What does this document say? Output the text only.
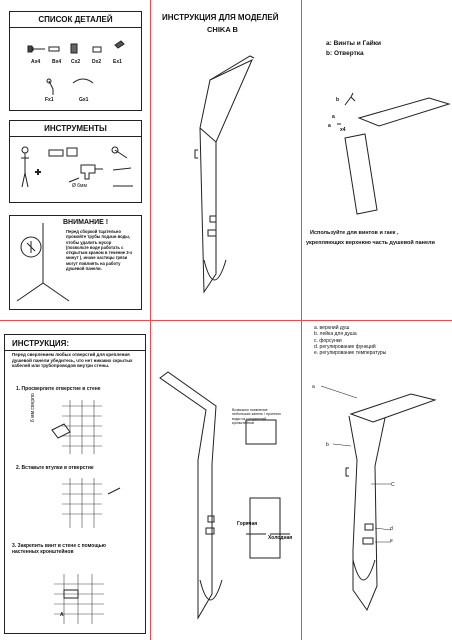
СПИСОК ДЕТАЛЕЙ
Ax4 Bx4 Cx2 Dx2 Ex1
Fx1	Gx1
ИНСТРУМЕНТЫ
Ø 6мм
ВНИМАНИЕ !
Перед сборкой тщательно промойте трубы подачи воды, чтобы удалить мусор (позвольте воде работать с открытым краном в течение 3-х минут ), иначе частицы грязи могут повлиять на работу душевой панели.
ИНСТРУКЦИЯ ДЛЯ МОДЕЛЕЙ
CHIKA B
a: Винты и Гайки
b: Отвертка
b
a
a
x4
Используйте для винтов и гаек ,
укрепляющих верхнюю часть душевой панели
ИНСТРУКЦИЯ:
Перед сверлением любых отверстий для крепления душевой панели убедитесь, что нет никаких скрытых кабелей или трубопроводов внутри стены.
1. Просверлите отверстие в стене
6 мм сверло
2. Вставьте втулки в отверстие
3. Закрепить винт в стене с помощью настенных кронштейнов
A
Возможно появление небольших капель / протечек воды из соединений кронштейнов
Горячая
Холодная
a. верхний душ
b. лейка для душа
c. форсунки
d. регулирование функций
e. регулирование температуры
a
b
C
d
e
